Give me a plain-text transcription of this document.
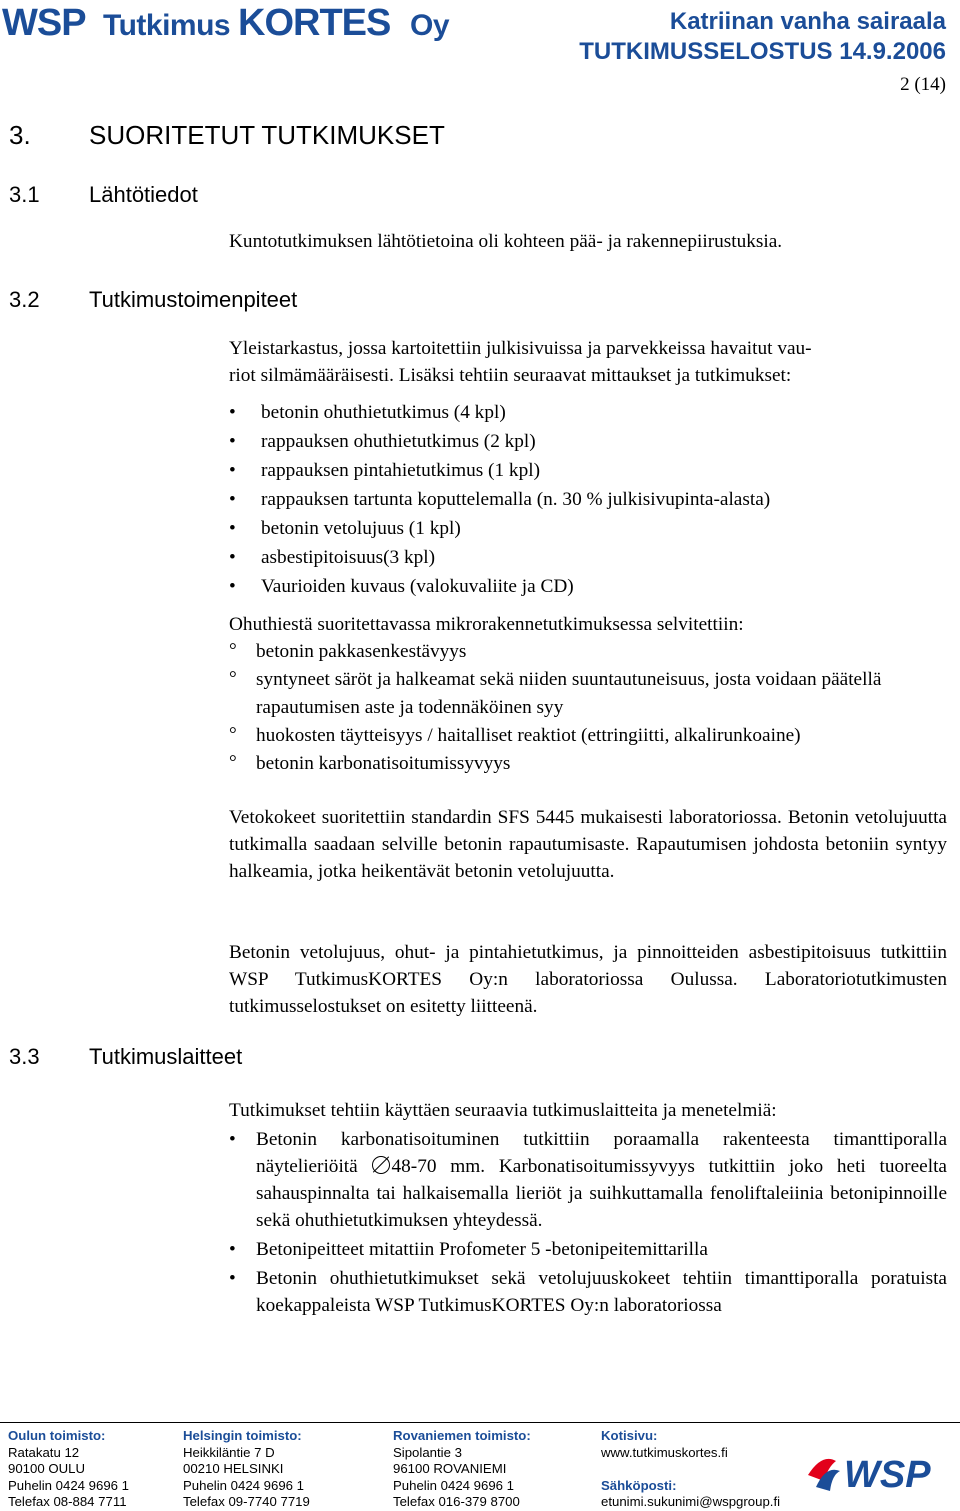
WSP Tutkimus KORTES Oy	Katriinan vanha sairaala
TUTKIMUSSELOSTUS 14.9.2006
2 (14)
3. SUORITETUT TUTKIMUKSET
3.1 Lähtötiedot
Kuntotutkimuksen lähtötietoina oli kohteen pää- ja rakennepiirustuksia.
3.2 Tutkimustoimenpiteet
Yleistarkastus, jossa kartoitettiin julkisivuissa ja parvekkeissa havaitut vau-
riot silmämääräisesti. Lisäksi tehtiin seuraavat mittaukset ja tutkimukset:
• betonin ohuthietutkimus (4 kpl)
• rappauksen ohuthietutkimus (2 kpl)
• rappauksen pintahietutkimus (1 kpl)
• rappauksen tartunta koputtelemalla (n. 30 % julkisivupinta-alasta)
• betonin vetolujuus (1 kpl)
• asbestipitoisuus(3 kpl)
• Vaurioiden kuvaus (valokuvaliite ja CD)
Ohuthiestä suoritettavassa mikrorakennetutkimuksessa selvitettiin:
° betonin pakkasenkestävyys
° syntyneet säröt ja halkeamat sekä niiden suuntautuneisuus, josta voidaan päätellä rapautumisen aste ja todennäköinen syy
° huokosten täytteisyys / haitalliset reaktiot (ettringiitti, alkalirunkoaine)
° betonin karbonatisoitumissyvyys
Vetokokeet suoritettiin standardin SFS 5445 mukaisesti laboratoriossa. Betonin vetolujuutta tutkimalla saadaan selville betonin rapautumisaste. Rapautumisen johdosta betoniin syntyy halkeamia, jotka heikentävät betonin vetolujuutta.
Betonin vetolujuus, ohut- ja pintahietutkimus, ja pinnoitteiden asbestipitoisuus tutkittiin WSP TutkimusKORTES Oy:n laboratoriossa Oulussa. Laboratoriotutkimusten tutkimusselostukset on esitetty liitteenä.
3.3 Tutkimuslaitteet
Tutkimukset tehtiin käyttäen seuraavia tutkimuslaitteita ja menetelmiä:
• Betonin karbonatisoituminen tutkittiin poraamalla rakenteesta timanttiporalla näytelieriöitä 48-70 mm. Karbonatisoitumissyvyys tutkittiin joko heti tuoreelta sahauspinnalta tai halkaisemalla lieriöt ja suihkuttamalla fenoliftaleiinia betonipinnoille sekä ohuthietutkimuksen yhteydessä.
• Betonipeitteet mitattiin Profometer 5 -betonipeitemittarilla
• Betonin ohuthietutkimukset sekä vetolujuuskokeet tehtiin timanttiporalla poratuista koekappaleista WSP TutkimusKORTES Oy:n laboratoriossa
Oulun toimisto:
Ratakatu 12
90100 OULU
Puhelin 0424 9696 1
Telefax 08-884 7711
Helsingin toimisto:
Heikkiläntie 7 D
00210 HELSINKI
Puhelin 0424 9696 1
Telefax 09-7740 7719
Rovaniemen toimisto:
Sipolantie 3
96100 ROVANIEMI
Puhelin 0424 9696 1
Telefax 016-379 8700
Kotisivu:
www.tutkimuskortes.fi

Sähköposti:
etunimi.sukunimi@wspgroup.fi
WSP
